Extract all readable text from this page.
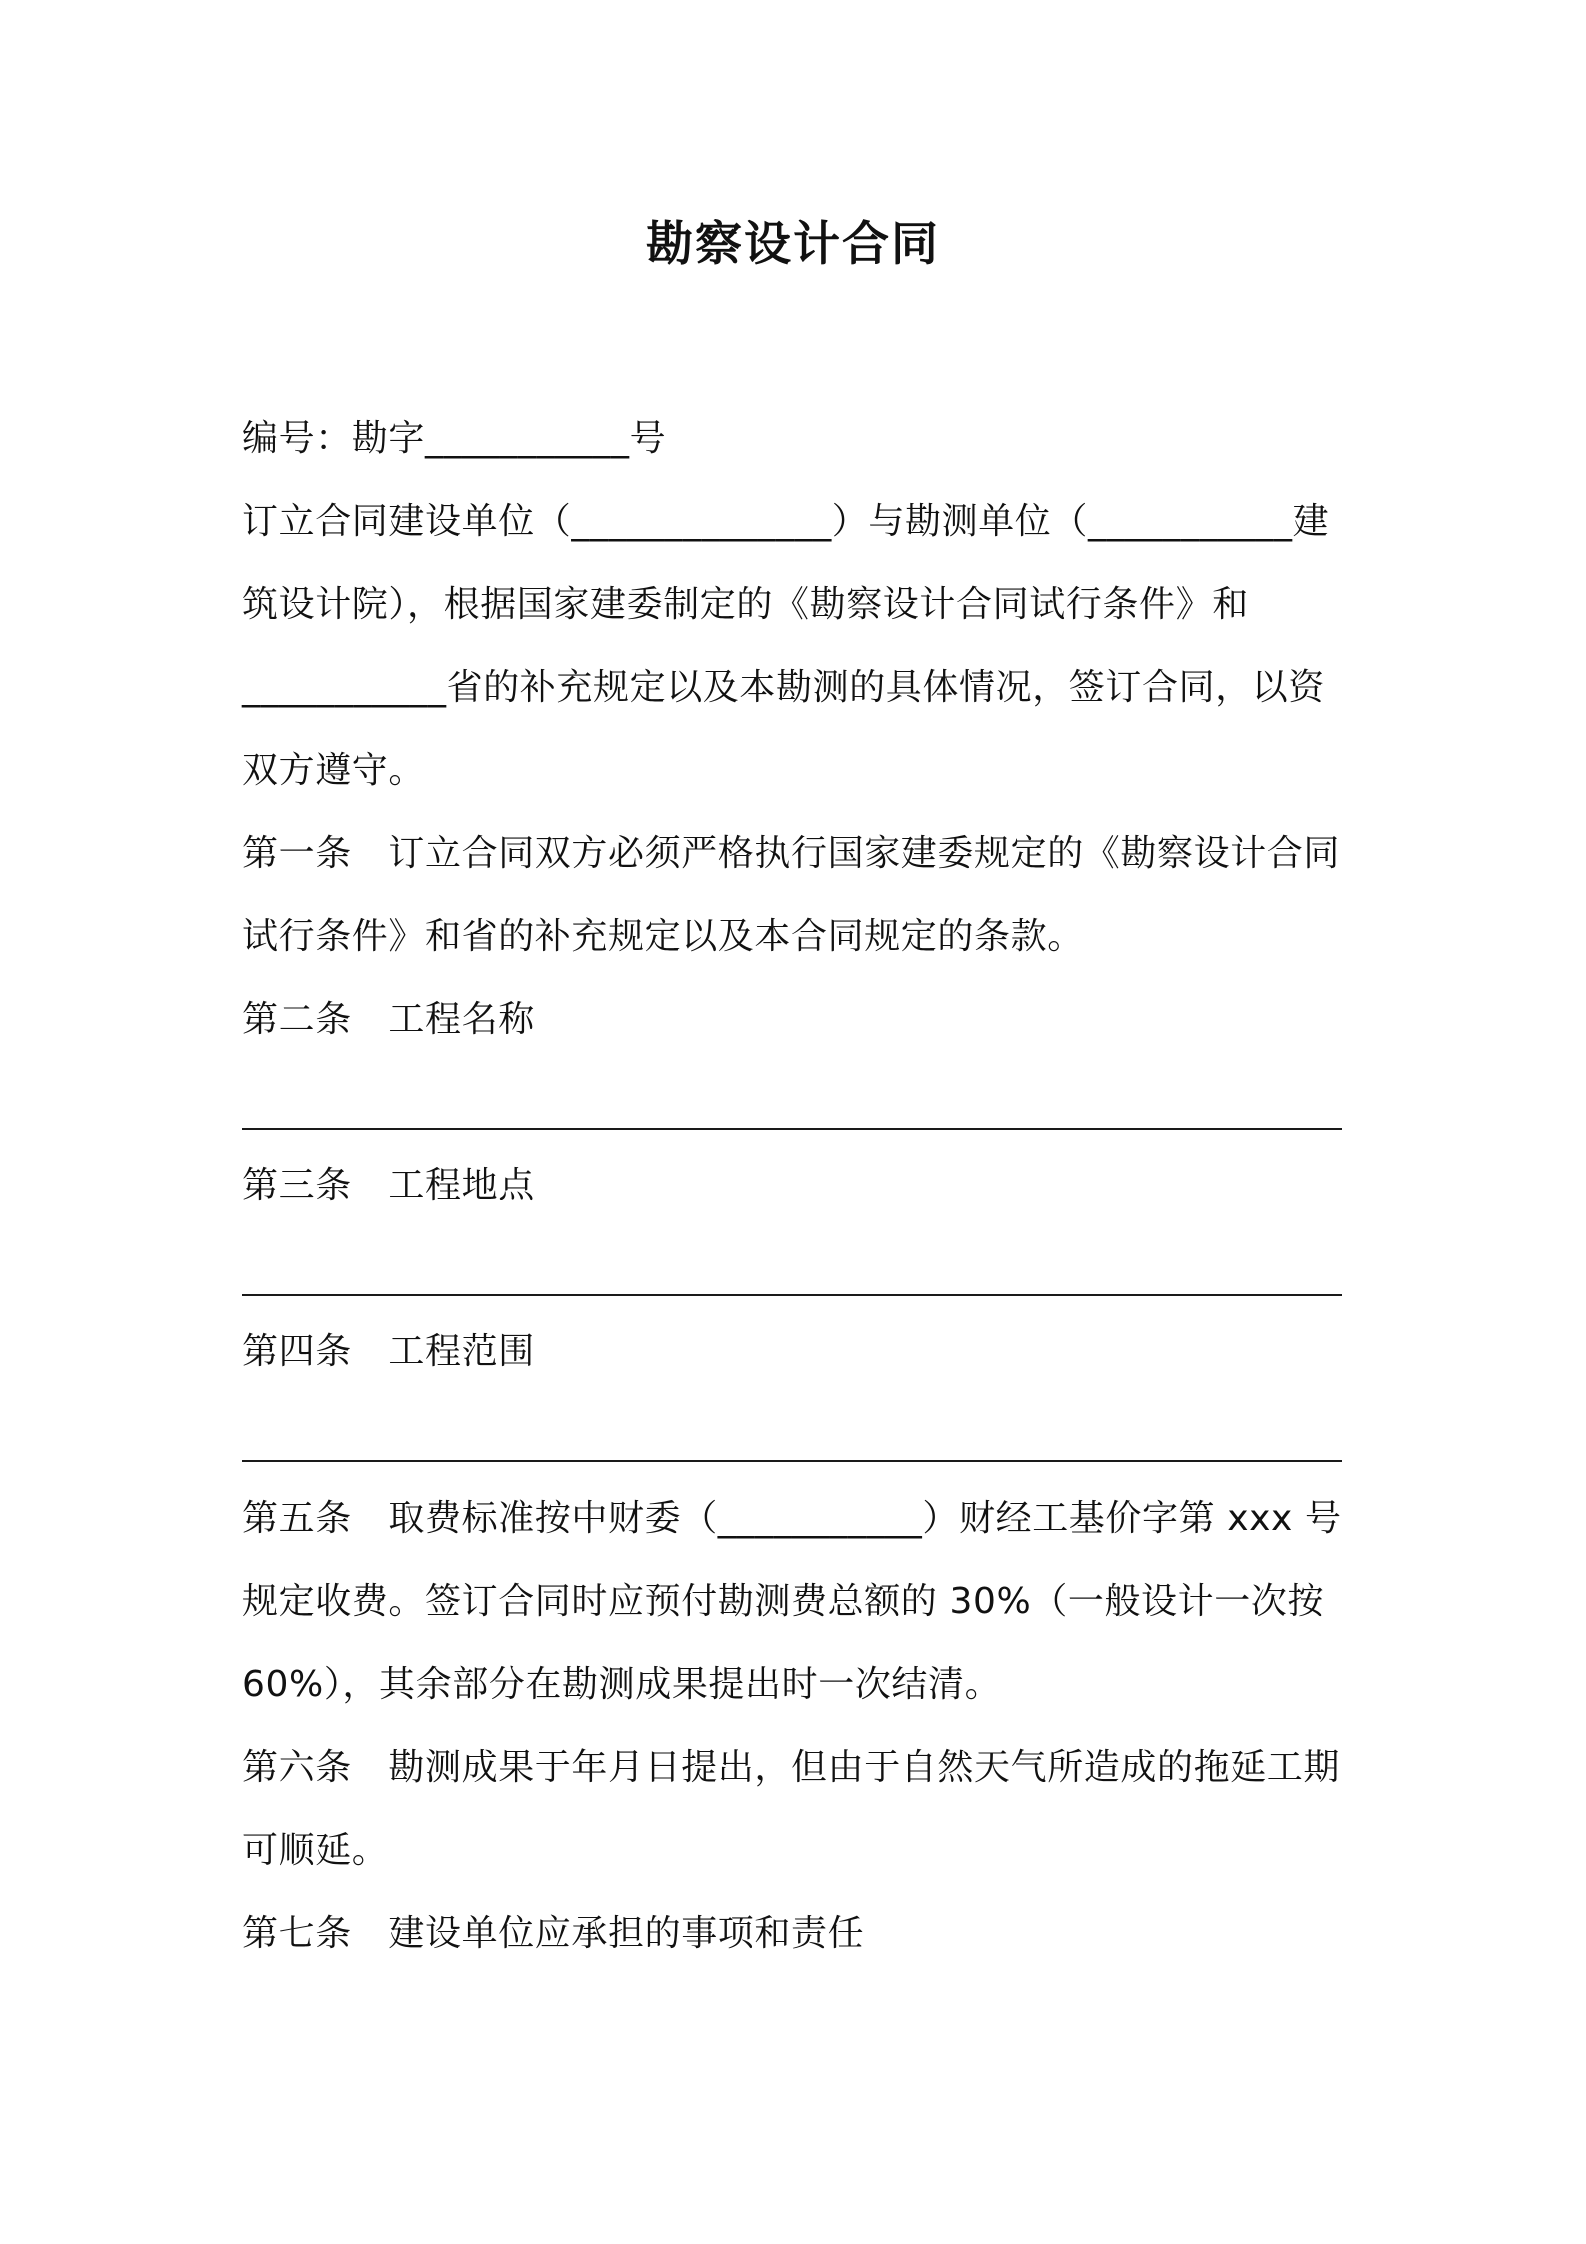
勘察设计合同
编号：勘字___________号
订立合同建设单位（______________）与勘测单位（___________建
筑设计院），根据国家建委制定的《勘察设计合同试行条件》和
___________省的补充规定以及本勘测的具体情况，签订合同，以资
双方遵守。
第一条　订立合同双方必须严格执行国家建委规定的《勘察设计合同
试行条件》和省的补充规定以及本合同规定的条款。
第二条　工程名称
第三条　工程地点
第四条　工程范围
第五条　取费标准按中财委（___________）财经工基价字第 xxx 号
规定收费。签订合同时应预付勘测费总额的 30%（一般设计一次按
60%），其余部分在勘测成果提出时一次结清。
第六条　勘测成果于年月日提出，但由于自然天气所造成的拖延工期
可顺延。
第七条　建设单位应承担的事项和责任
